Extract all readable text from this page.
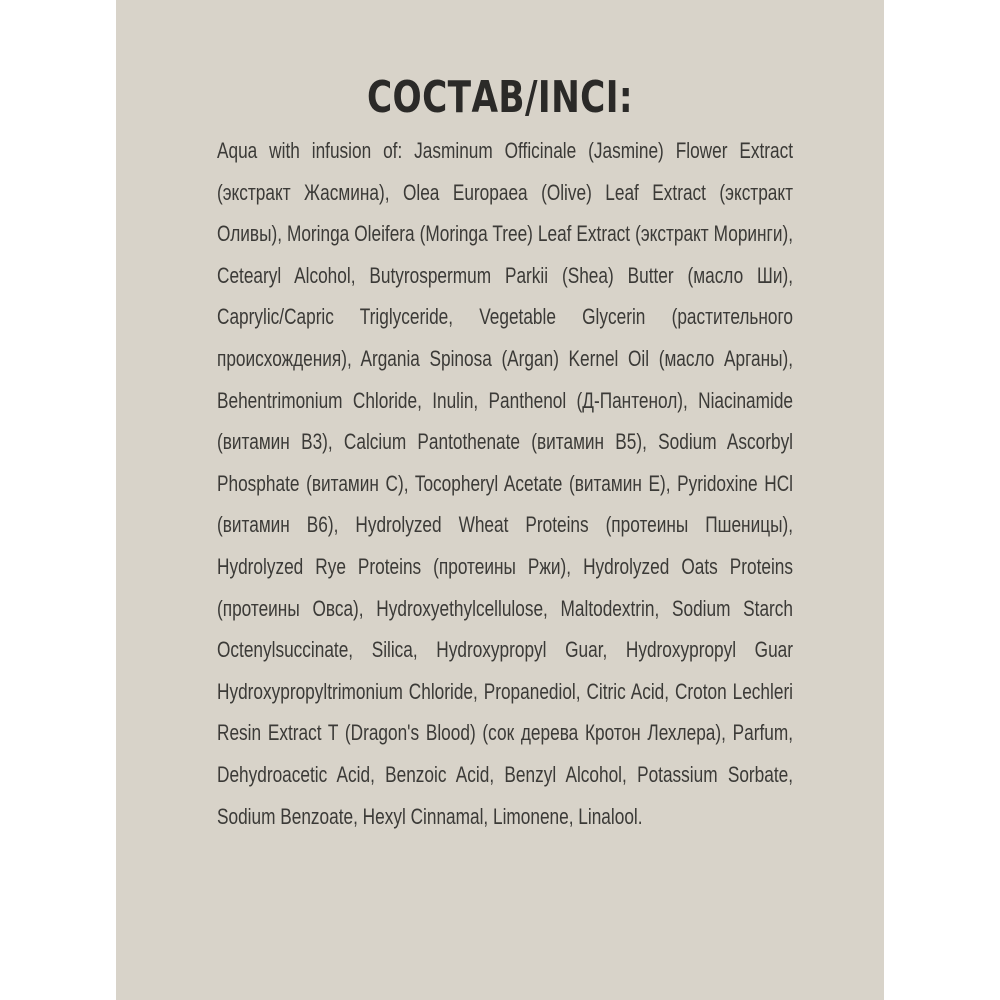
СОСТАВ/INCI:
Aqua with infusion of: Jasminum Officinale (Jasmine) Flower Extract (экстракт Жасмина), Olea Europaea (Olive) Leaf Extract (экстракт Оливы), Moringa Oleifera (Moringa Tree) Leaf Extract (экстракт Моринги), Cetearyl Alcohol, Butyrospermum Parkii (Shea) Butter (масло Ши), Caprylic/Capric Triglyceride, Vegetable Glycerin (растительного происхождения), Argania Spinosa (Argan) Kernel Oil (масло Арганы), Behentrimonium Chloride, Inulin, Panthenol (Д-Пантенол), Niacinamide (витамин В3), Calcium Pantothenate (витамин В5), Sodium Ascorbyl Phosphate (витамин С), Tocopheryl Acetate (витамин Е), Pyridoxine HCl (витамин В6), Hydrolyzed Wheat Proteins (протеины Пшеницы), Hydrolyzed Rye Proteins (протеины Ржи), Hydrolyzed Oats Proteins (протеины Овса), Hydroxyethylcellulose, Maltodextrin, Sodium Starch Octenylsuccinate, Silica, Hydroxypropyl Guar, Hydroxypropyl Guar Hydroxypropyltrimonium Chloride, Propanediol, Citric Acid, Croton Lechleri Resin Extract T (Dragon's Blood) (сок дерева Кротон Лехлера), Parfum, Dehydroacetic Acid, Benzoic Acid, Benzyl Alcohol, Potassium Sorbate, Sodium Benzoate, Hexyl Cinnamal, Limonene, Linalool.
